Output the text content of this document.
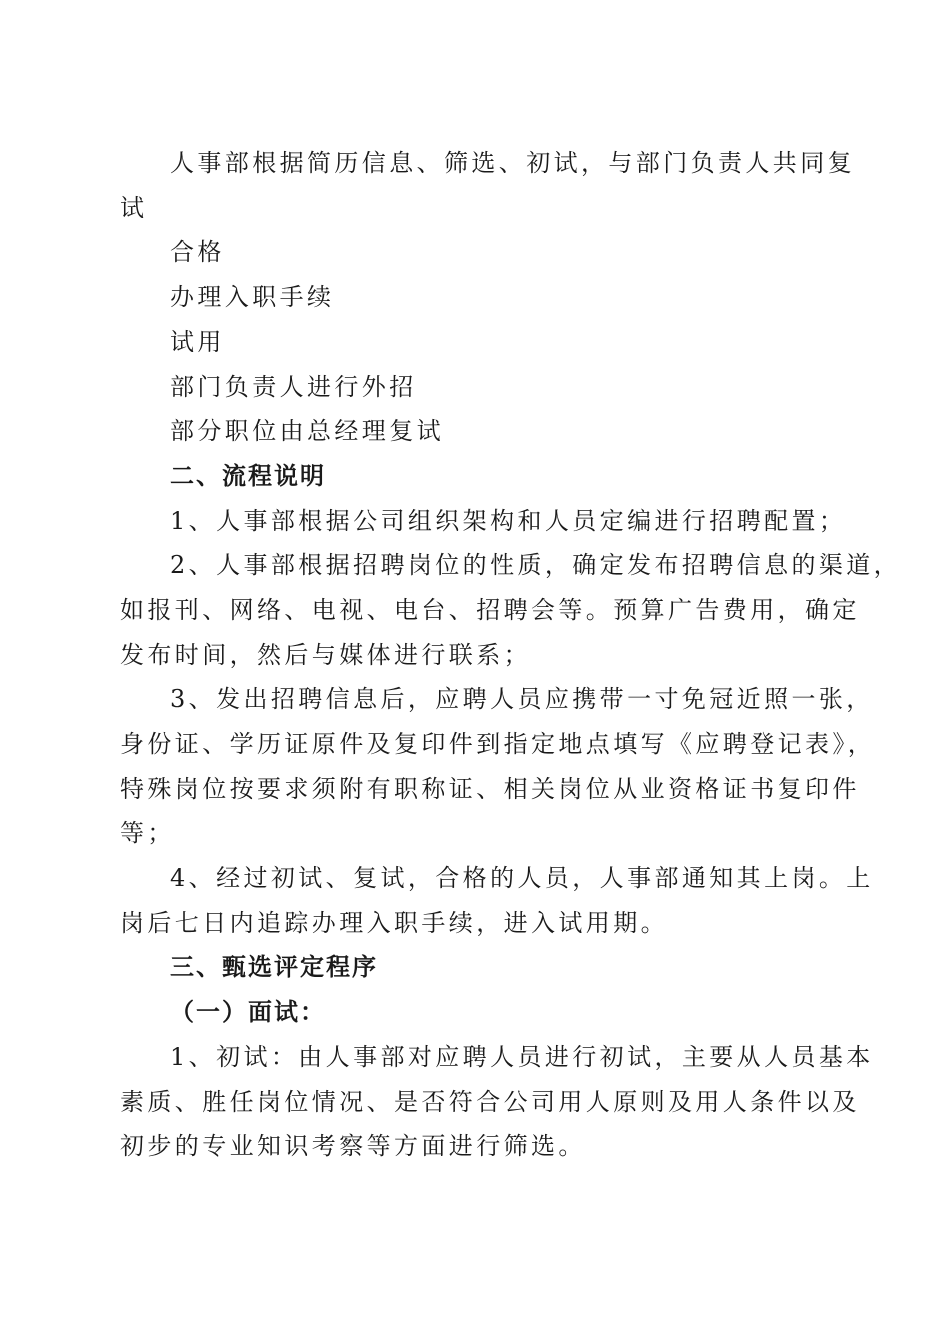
人事部根据简历信息、筛选、初试，与部门负责人共同复
试
合格
办理入职手续
试用
部门负责人进行外招
部分职位由总经理复试
二、流程说明
1、人事部根据公司组织架构和人员定编进行招聘配置；
2、人事部根据招聘岗位的性质，确定发布招聘信息的渠道，
如报刊、网络、电视、电台、招聘会等。预算广告费用，确定
发布时间，然后与媒体进行联系；
3、发出招聘信息后，应聘人员应携带一寸免冠近照一张，
身份证、学历证原件及复印件到指定地点填写《应聘登记表》，
特殊岗位按要求须附有职称证、相关岗位从业资格证书复印件
等；
4、经过初试、复试，合格的人员，人事部通知其上岗。上
岗后七日内追踪办理入职手续，进入试用期。
三、甄选评定程序
（一）面试：
1、初试：由人事部对应聘人员进行初试，主要从人员基本
素质、胜任岗位情况、是否符合公司用人原则及用人条件以及
初步的专业知识考察等方面进行筛选。
